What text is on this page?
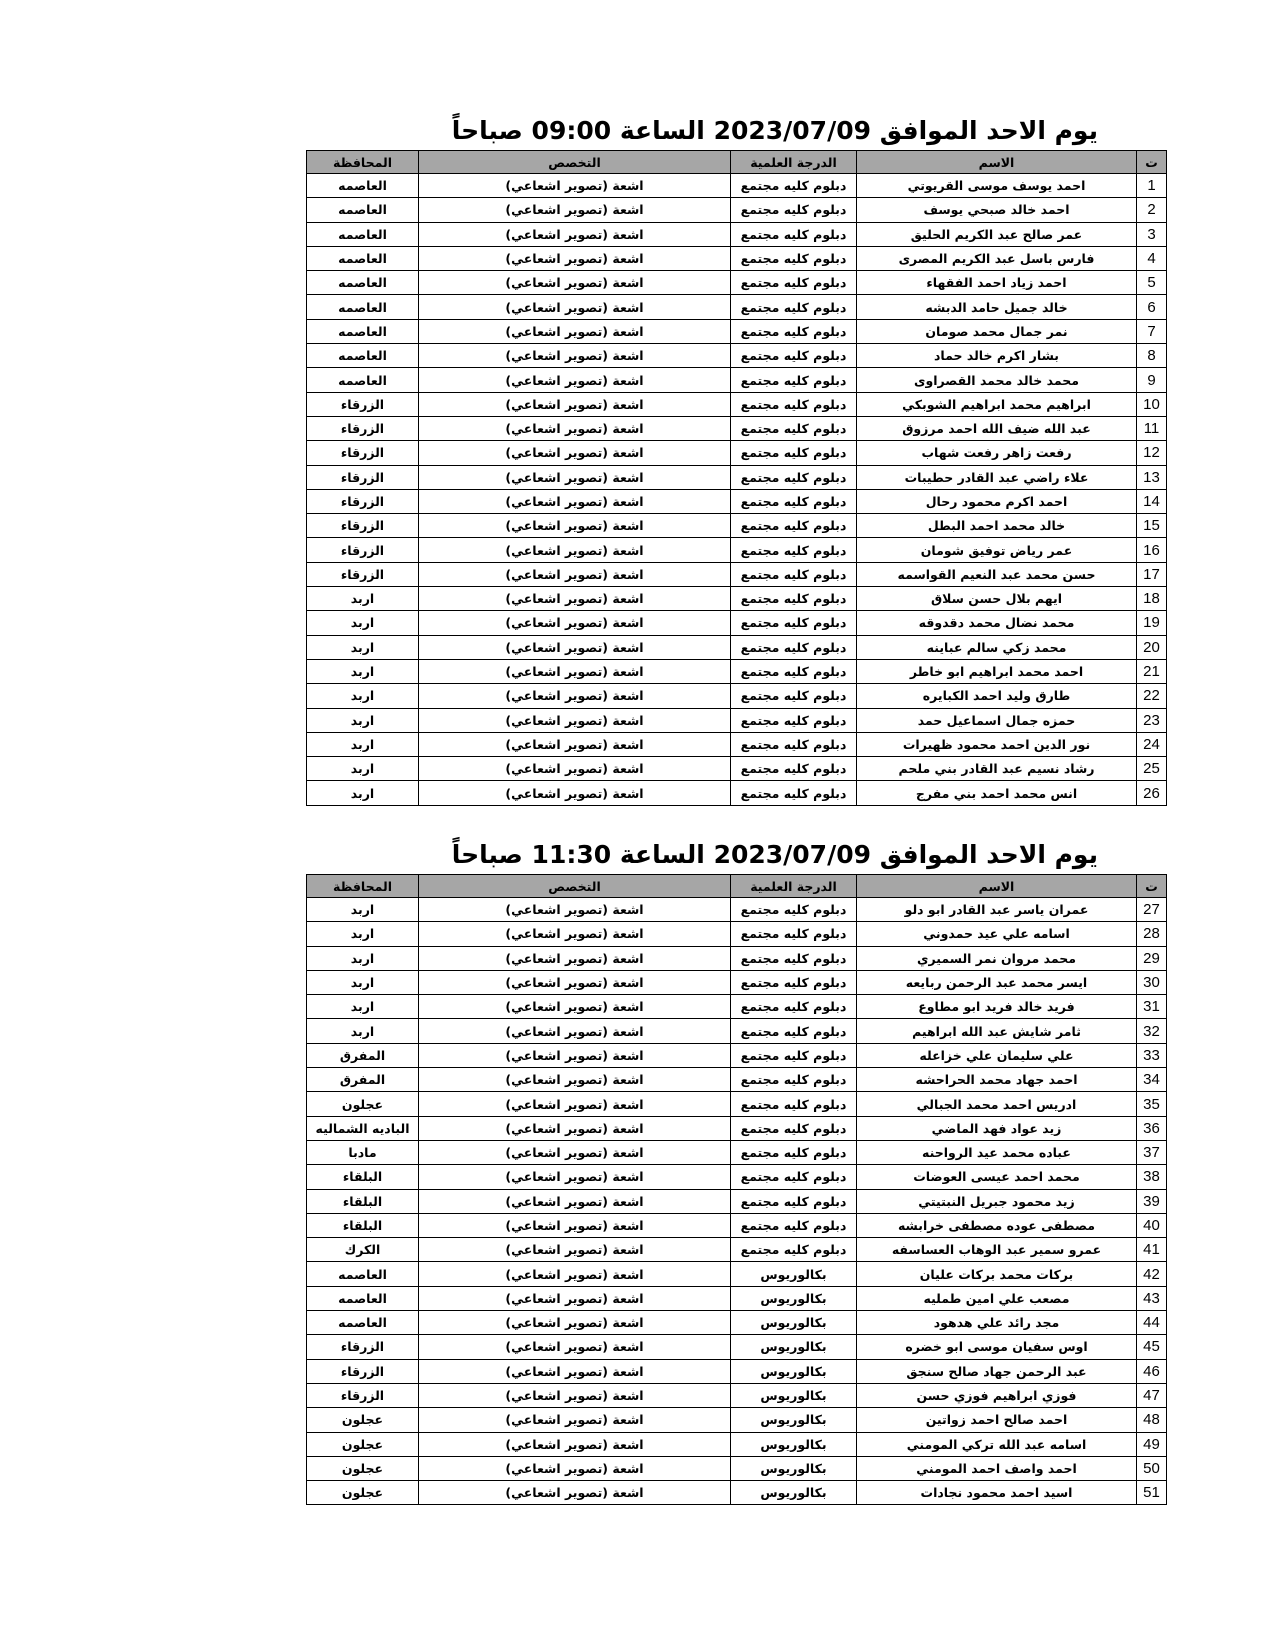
يوم الاحد الموافق 2023/07/09 الساعة 09:00 صباحاً
ت	الاسم	الدرجة العلمية	التخصص	المحافظة
1	احمد يوسف موسى القريوتي	دبلوم كليه مجتمع	اشعة (تصوير اشعاعي)	العاصمه
2	احمد خالد صبحي يوسف	دبلوم كليه مجتمع	اشعة (تصوير اشعاعي)	العاصمه
3	عمر صالح عبد الكريم الحليق	دبلوم كليه مجتمع	اشعة (تصوير اشعاعي)	العاصمه
4	فارس باسل عبد الكريم المصرى	دبلوم كليه مجتمع	اشعة (تصوير اشعاعي)	العاصمه
5	احمد زياد احمد الفقهاء	دبلوم كليه مجتمع	اشعة (تصوير اشعاعي)	العاصمه
6	خالد جميل حامد الدبشه	دبلوم كليه مجتمع	اشعة (تصوير اشعاعي)	العاصمه
7	نمر جمال محمد صومان	دبلوم كليه مجتمع	اشعة (تصوير اشعاعي)	العاصمه
8	بشار اكرم خالد حماد	دبلوم كليه مجتمع	اشعة (تصوير اشعاعي)	العاصمه
9	محمد خالد محمد القصراوى	دبلوم كليه مجتمع	اشعة (تصوير اشعاعي)	العاصمه
10	ابراهيم محمد ابراهيم الشوبكي	دبلوم كليه مجتمع	اشعة (تصوير اشعاعي)	الزرقاء
11	عبد الله ضيف الله احمد مرزوق	دبلوم كليه مجتمع	اشعة (تصوير اشعاعي)	الزرقاء
12	رفعت زاهر رفعت شهاب	دبلوم كليه مجتمع	اشعة (تصوير اشعاعي)	الزرقاء
13	علاء راضي عبد القادر حطيبات	دبلوم كليه مجتمع	اشعة (تصوير اشعاعي)	الزرقاء
14	احمد اكرم محمود رحال	دبلوم كليه مجتمع	اشعة (تصوير اشعاعي)	الزرقاء
15	خالد محمد احمد البطل	دبلوم كليه مجتمع	اشعة (تصوير اشعاعي)	الزرقاء
16	عمر رياض توفيق شومان	دبلوم كليه مجتمع	اشعة (تصوير اشعاعي)	الزرقاء
17	حسن محمد عبد النعيم القواسمه	دبلوم كليه مجتمع	اشعة (تصوير اشعاعي)	الزرقاء
18	ايهم بلال حسن سلاق	دبلوم كليه مجتمع	اشعة (تصوير اشعاعي)	اربد
19	محمد نضال محمد دقدوقه	دبلوم كليه مجتمع	اشعة (تصوير اشعاعي)	اربد
20	محمد زكي سالم عباينه	دبلوم كليه مجتمع	اشعة (تصوير اشعاعي)	اربد
21	احمد محمد ابراهيم ابو خاطر	دبلوم كليه مجتمع	اشعة (تصوير اشعاعي)	اربد
22	طارق وليد احمد الكبايره	دبلوم كليه مجتمع	اشعة (تصوير اشعاعي)	اربد
23	حمزه جمال اسماعيل حمد	دبلوم كليه مجتمع	اشعة (تصوير اشعاعي)	اربد
24	نور الدين احمد محمود ظهيرات	دبلوم كليه مجتمع	اشعة (تصوير اشعاعي)	اربد
25	رشاد نسيم عبد القادر بني ملحم	دبلوم كليه مجتمع	اشعة (تصوير اشعاعي)	اربد
26	انس محمد احمد بني مفرج	دبلوم كليه مجتمع	اشعة (تصوير اشعاعي)	اربد
يوم الاحد الموافق 2023/07/09 الساعة 11:30 صباحاً
ت	الاسم	الدرجة العلمية	التخصص	المحافظة
27	عمران ياسر عبد القادر ابو دلو	دبلوم كليه مجتمع	اشعة (تصوير اشعاعي)	اربد
28	اسامه علي عيد حمدوني	دبلوم كليه مجتمع	اشعة (تصوير اشعاعي)	اربد
29	محمد مروان نمر السميري	دبلوم كليه مجتمع	اشعة (تصوير اشعاعي)	اربد
30	ايسر محمد عبد الرحمن ربايعه	دبلوم كليه مجتمع	اشعة (تصوير اشعاعي)	اربد
31	فريد خالد فريد ابو مطاوع	دبلوم كليه مجتمع	اشعة (تصوير اشعاعي)	اربد
32	ثامر شايش عبد الله ابراهيم	دبلوم كليه مجتمع	اشعة (تصوير اشعاعي)	اربد
33	علي سليمان علي خزاعله	دبلوم كليه مجتمع	اشعة (تصوير اشعاعي)	المفرق
34	احمد جهاد محمد الحراحشه	دبلوم كليه مجتمع	اشعة (تصوير اشعاعي)	المفرق
35	ادريس احمد محمد الجبالي	دبلوم كليه مجتمع	اشعة (تصوير اشعاعي)	عجلون
36	زيد عواد فهد الماضي	دبلوم كليه مجتمع	اشعة (تصوير اشعاعي)	الباديه الشماليه
37	عباده محمد عيد الرواحنه	دبلوم كليه مجتمع	اشعة (تصوير اشعاعي)	مادبا
38	محمد احمد عيسى العوضات	دبلوم كليه مجتمع	اشعة (تصوير اشعاعي)	البلقاء
39	زيد محمود جبريل النبتيتي	دبلوم كليه مجتمع	اشعة (تصوير اشعاعي)	البلقاء
40	مصطفى عوده مصطفى خرابشه	دبلوم كليه مجتمع	اشعة (تصوير اشعاعي)	البلقاء
41	عمرو سمير عبد الوهاب العساسفه	دبلوم كليه مجتمع	اشعة (تصوير اشعاعي)	الكرك
42	بركات محمد بركات عليان	بكالوريوس	اشعة (تصوير اشعاعي)	العاصمه
43	مصعب علي امين طمليه	بكالوريوس	اشعة (تصوير اشعاعي)	العاصمه
44	مجد رائد علي هدهود	بكالوريوس	اشعة (تصوير اشعاعي)	العاصمه
45	اوس سفيان موسى ابو خضره	بكالوريوس	اشعة (تصوير اشعاعي)	الزرقاء
46	عبد الرحمن جهاد صالح سنجق	بكالوريوس	اشعة (تصوير اشعاعي)	الزرقاء
47	فوزي ابراهيم فوزي حسن	بكالوريوس	اشعة (تصوير اشعاعي)	الزرقاء
48	احمد صالح احمد زواتين	بكالوريوس	اشعة (تصوير اشعاعي)	عجلون
49	اسامه عبد الله تركي المومني	بكالوريوس	اشعة (تصوير اشعاعي)	عجلون
50	احمد واصف احمد المومني	بكالوريوس	اشعة (تصوير اشعاعي)	عجلون
51	اسيد احمد محمود نجادات	بكالوريوس	اشعة (تصوير اشعاعي)	عجلون
